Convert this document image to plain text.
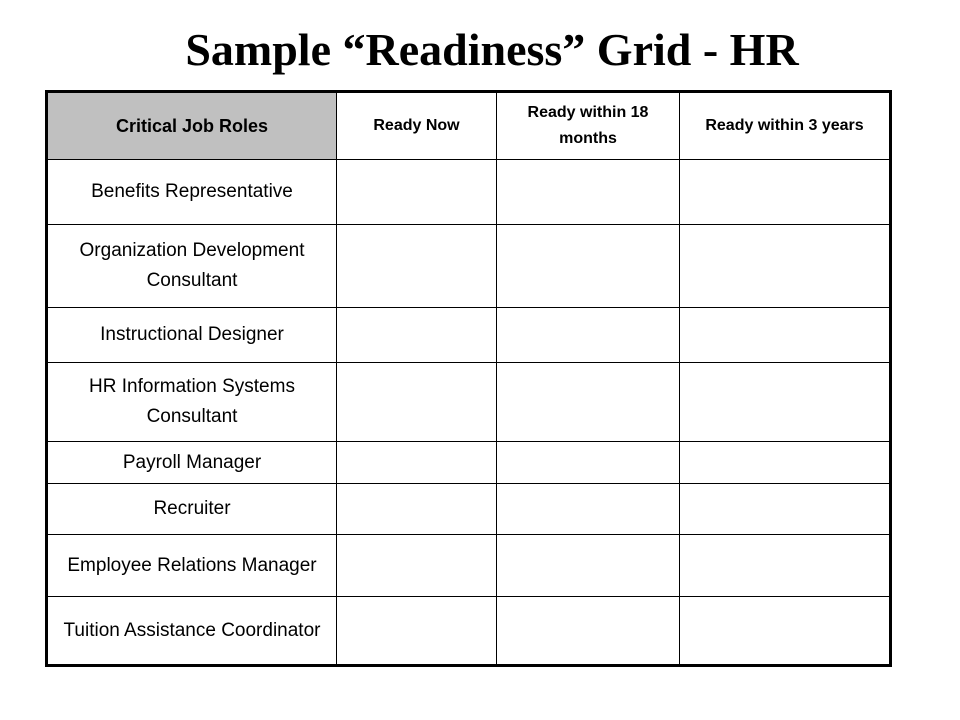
Sample “Readiness” Grid - HR
Critical Job Roles	Ready Now	Ready within 18 months	Ready within 3 years
Benefits Representative			
Organization Development Consultant			
Instructional Designer			
HR Information Systems Consultant			
Payroll Manager			
Recruiter			
Employee Relations Manager			
Tuition Assistance Coordinator			
